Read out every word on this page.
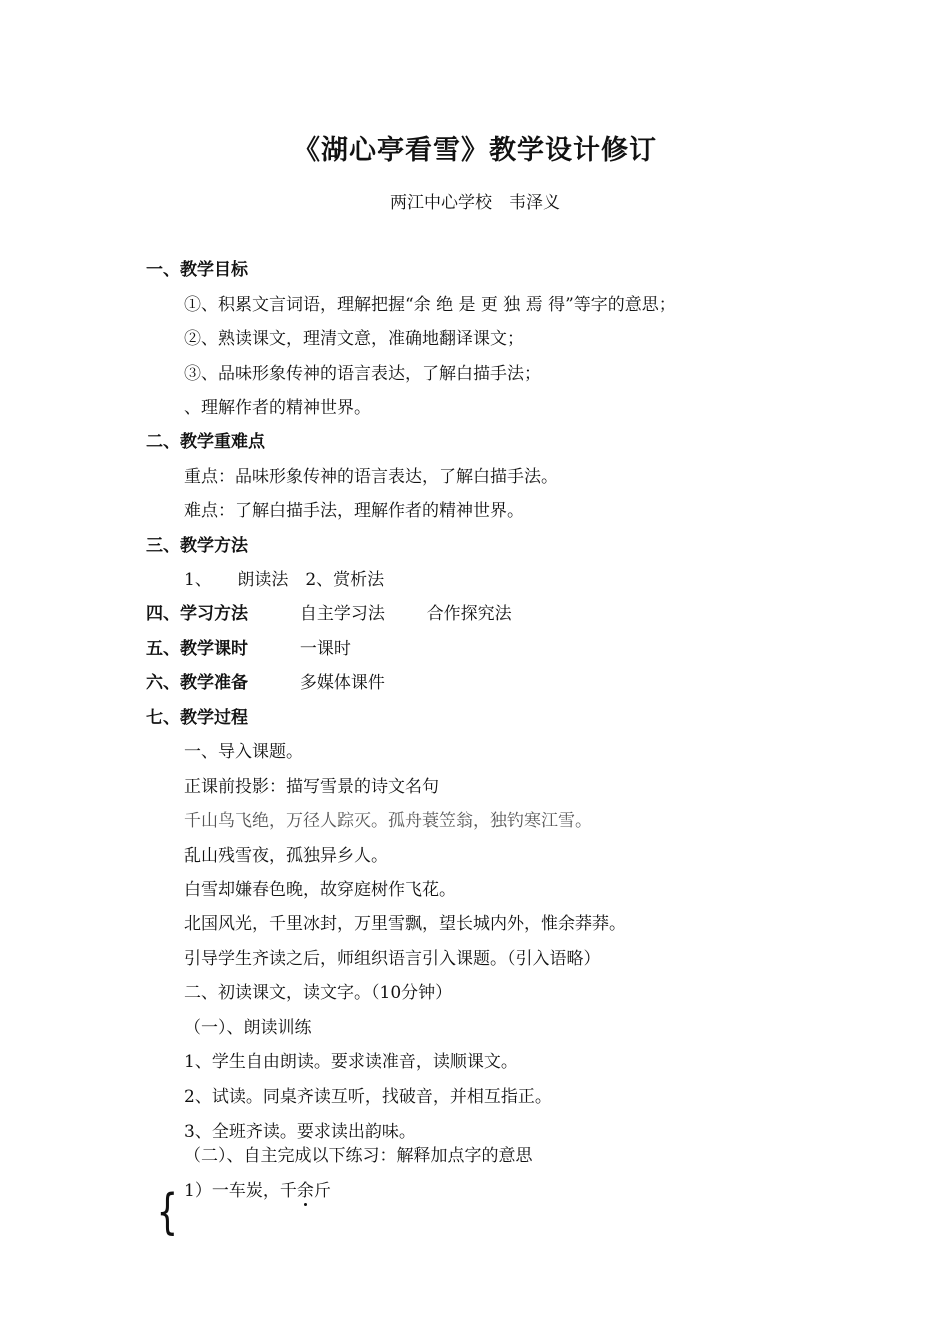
《湖心亭看雪》教学设计修订
两江中心学校　韦泽义
一、教学目标
①、积累文言词语，理解把握“余 绝 是 更 独 焉 得”等字的意思；
②、熟读课文，理清文意，准确地翻译课文；
③、品味形象传神的语言表达，了解白描手法；
、理解作者的精神世界。
二、教学重难点
重点：品味形象传神的语言表达，了解白描手法。
难点：了解白描手法，理解作者的精神世界。
三、教学方法
1、　　朗读法　2、赏析法
四、学习方法	自主学习法 合作探究法
五、教学课时	一课时
六、教学准备	多媒体课件
七、教学过程
一、导入课题。
正课前投影：描写雪景的诗文名句
千山鸟飞绝，万径人踪灭。孤舟蓑笠翁，独钓寒江雪。
乱山残雪夜，孤独异乡人。
白雪却嫌春色晚，故穿庭树作飞花。
北国风光，千里冰封，万里雪飘，望长城内外，惟余莽莽。
引导学生齐读之后，师组织语言引入课题。（引入语略）
二、初读课文，读文字。（10分钟）
（一）、朗读训练
1、学生自由朗读。要求读准音，读顺课文。
2、试读。同桌齐读互听，找破音，并相互指正。
3、全班齐读。要求读出韵味。
（二）、自主完成以下练习：解释加点字的意思
1）一车炭，千余斤
{
